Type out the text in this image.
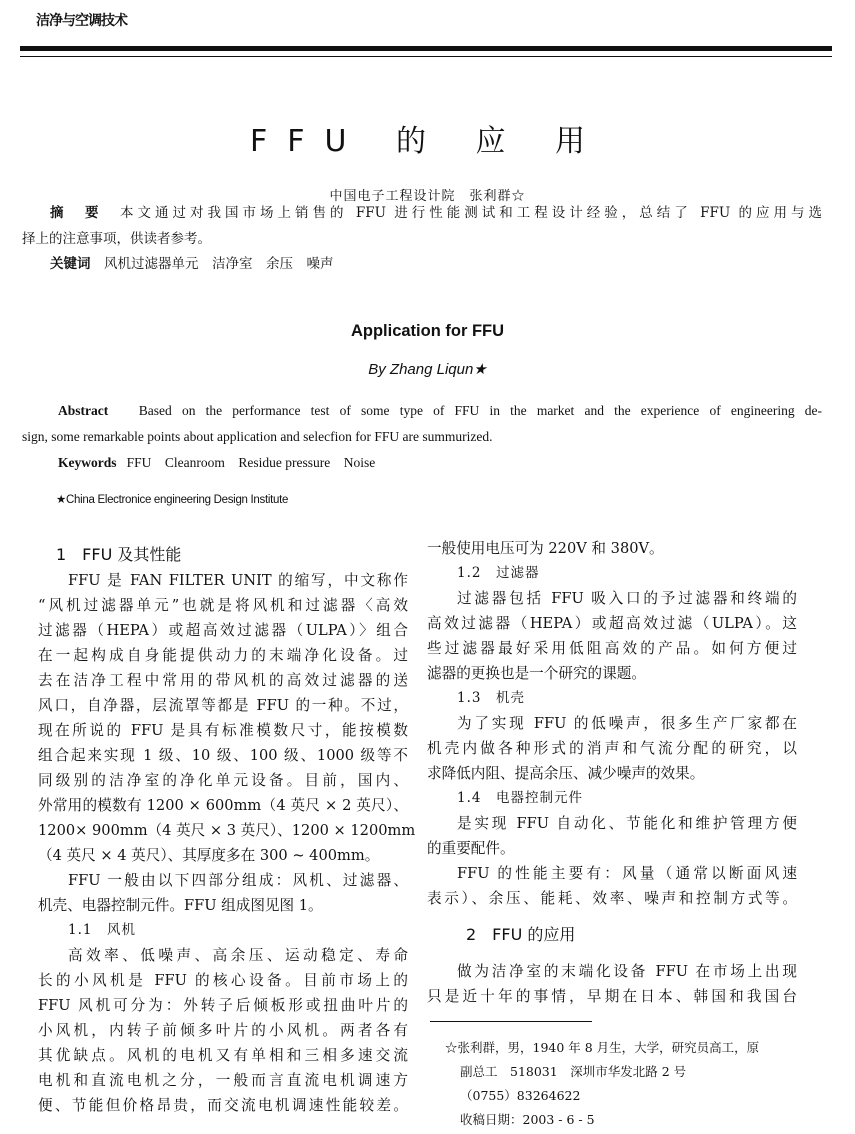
洁净与空调技术
FFU 的 应 用
中国电子工程设计院　张利群☆
摘　要　 本文通过对我国市场上销售的 FFU 进行性能测试和工程设计经验，总结了 FFU 的应用与选
择上的注意事项，供读者参考。
关键词　 风机过滤器单元　洁净室　余压　噪声
Application for FFU
By Zhang Liqun★
Abstract Based on the performance test of some type of FFU in the market and the experience of engineering de-
sign, some remarkable points about application and selecfion for FFU are summurized.
Keywords FFU　Cleanroom　Residue pressure　Noise
★China Electronice engineering Design Institute
1　FFU 及其性能
FFU 是 FAN FILTER UNIT 的缩写，中文称作
“风机过滤器单元”也就是将风机和过滤器〈高效
过滤器（HEPA）或超高效过滤器（ULPA）〉组合
在一起构成自身能提供动力的末端净化设备。过
去在洁净工程中常用的带风机的高效过滤器的送
风口，自净器，层流罩等都是 FFU 的一种。不过，
现在所说的 FFU 是具有标准模数尺寸，能按模数
组合起来实现 1 级、10 级、100 级、1000 级等不
同级别的洁净室的净化单元设备。目前，国内、
外常用的模数有 1200 × 600mm（4 英尺 × 2 英尺）、
1200× 900mm（4 英尺 × 3 英尺）、1200 × 1200mm
（4 英尺 × 4 英尺）、其厚度多在 300 ~ 400mm。
FFU 一般由以下四部分组成：风机、过滤器、
机壳、电器控制元件。FFU 组成图见图 1。
1.1　风机
高效率、低噪声、高余压、运动稳定、寿命
长的小风机是 FFU 的核心设备。目前市场上的
FFU 风机可分为：外转子后倾板形或扭曲叶片的
小风机，内转子前倾多叶片的小风机。两者各有
其优缺点。风机的电机又有单相和三相多速交流
电机和直流电机之分，一般而言直流电机调速方
便、节能但价格昂贵，而交流电机调速性能较差。
一般使用电压可为 220V 和 380V。
1.2　过滤器
过滤器包括 FFU 吸入口的予过滤器和终端的
高效过滤器（HEPA）或超高效过滤（ULPA）。这
些过滤器最好采用低阻高效的产品。如何方便过
滤器的更换也是一个研究的课题。
1.3　机壳
为了实现 FFU 的低噪声，很多生产厂家都在
机壳内做各种形式的消声和气流分配的研究，以
求降低内阻、提高余压、减少噪声的效果。
1.4　电器控制元件
是实现 FFU 自动化、节能化和维护管理方便
的重要配件。
FFU 的性能主要有：风量（通常以断面风速
表示）、余压、能耗、效率、噪声和控制方式等。
2　FFU 的应用
做为洁净室的末端化设备 FFU 在市场上出现
只是近十年的事情，早期在日本、韩国和我国台
☆张利群，男，1940 年 8 月生，大学，研究员高工，原
副总工　518031　深圳市华发北路 2 号
（0755）83264622
收稿日期：2003 - 6 - 5
